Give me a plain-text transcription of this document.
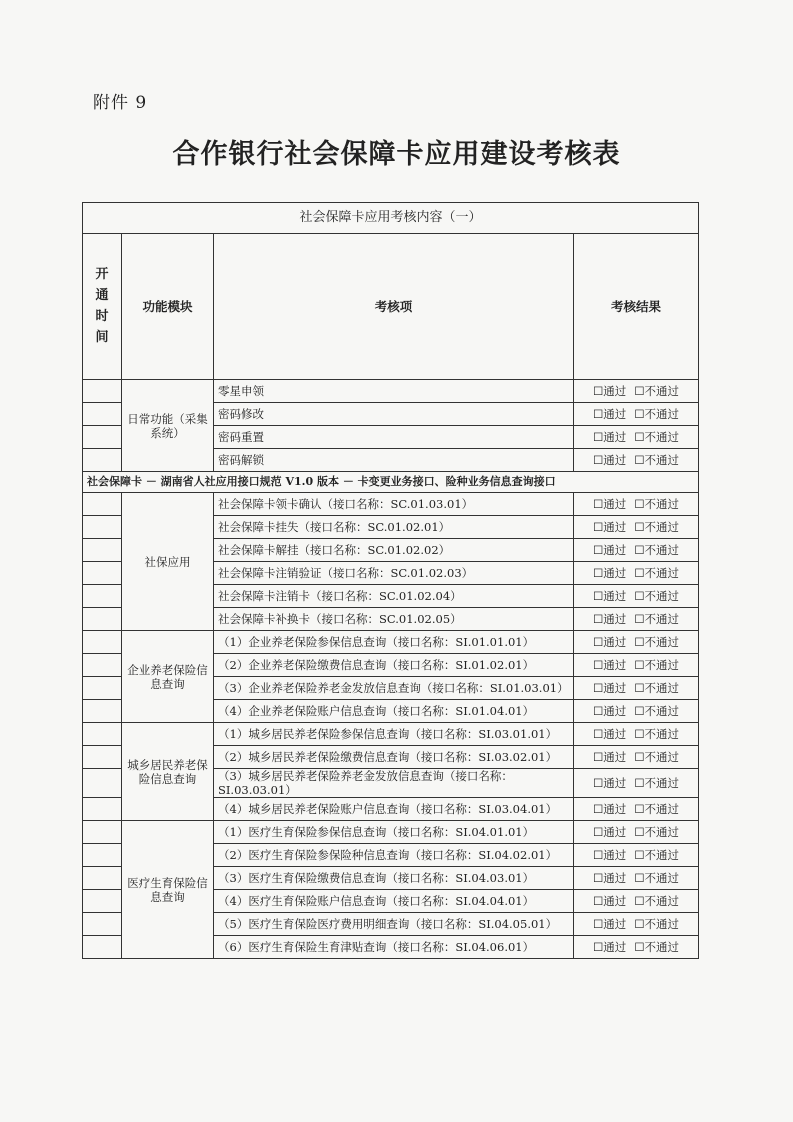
附件 9
合作银行社会保障卡应用建设考核表
社会保障卡应用考核内容（一）			

开
通
时
间	功能模块	考核项	考核结果
	日常功能（采集系统）	零星申领	☐通过 ☐不通过
		密码修改	☐通过 ☐不通过
		密码重置	☐通过 ☐不通过
		密码解锁	☐通过 ☐不通过
社会保障卡 － 湖南省人社应用接口规范 V1.0 版本 － 卡变更业务接口、险种业务信息查询接口			
	社保应用	社会保障卡领卡确认（接口名称：SC.01.03.01）	☐通过 ☐不通过
		社会保障卡挂失（接口名称：SC.01.02.01）	☐通过 ☐不通过
		社会保障卡解挂（接口名称：SC.01.02.02）	☐通过 ☐不通过
		社会保障卡注销验证（接口名称：SC.01.02.03）	☐通过 ☐不通过
		社会保障卡注销卡（接口名称：SC.01.02.04）	☐通过 ☐不通过
		社会保障卡补换卡（接口名称：SC.01.02.05）	☐通过 ☐不通过
	企业养老保险信息查询	（1）企业养老保险参保信息查询（接口名称：SI.01.01.01）	☐通过 ☐不通过
		（2）企业养老保险缴费信息查询（接口名称：SI.01.02.01）	☐通过 ☐不通过
		（3）企业养老保险养老金发放信息查询（接口名称：SI.01.03.01）	☐通过 ☐不通过
		（4）企业养老保险账户信息查询（接口名称：SI.01.04.01）	☐通过 ☐不通过
	城乡居民养老保险信息查询	（1）城乡居民养老保险参保信息查询（接口名称：SI.03.01.01）	☐通过 ☐不通过
		（2）城乡居民养老保险缴费信息查询（接口名称：SI.03.02.01）	☐通过 ☐不通过
		（3）城乡居民养老保险养老金发放信息查询（接口名称：SI.03.03.01）	☐通过 ☐不通过
		（4）城乡居民养老保险账户信息查询（接口名称：SI.03.04.01）	☐通过 ☐不通过
	医疗生育保险信息查询	（1）医疗生育保险参保信息查询（接口名称：SI.04.01.01）	☐通过 ☐不通过
		（2）医疗生育保险参保险种信息查询（接口名称：SI.04.02.01）	☐通过 ☐不通过
		（3）医疗生育保险缴费信息查询（接口名称：SI.04.03.01）	☐通过 ☐不通过
		（4）医疗生育保险账户信息查询（接口名称：SI.04.04.01）	☐通过 ☐不通过
		（5）医疗生育保险医疗费用明细查询（接口名称：SI.04.05.01）	☐通过 ☐不通过
		（6）医疗生育保险生育津贴查询（接口名称：SI.04.06.01）	☐通过 ☐不通过
